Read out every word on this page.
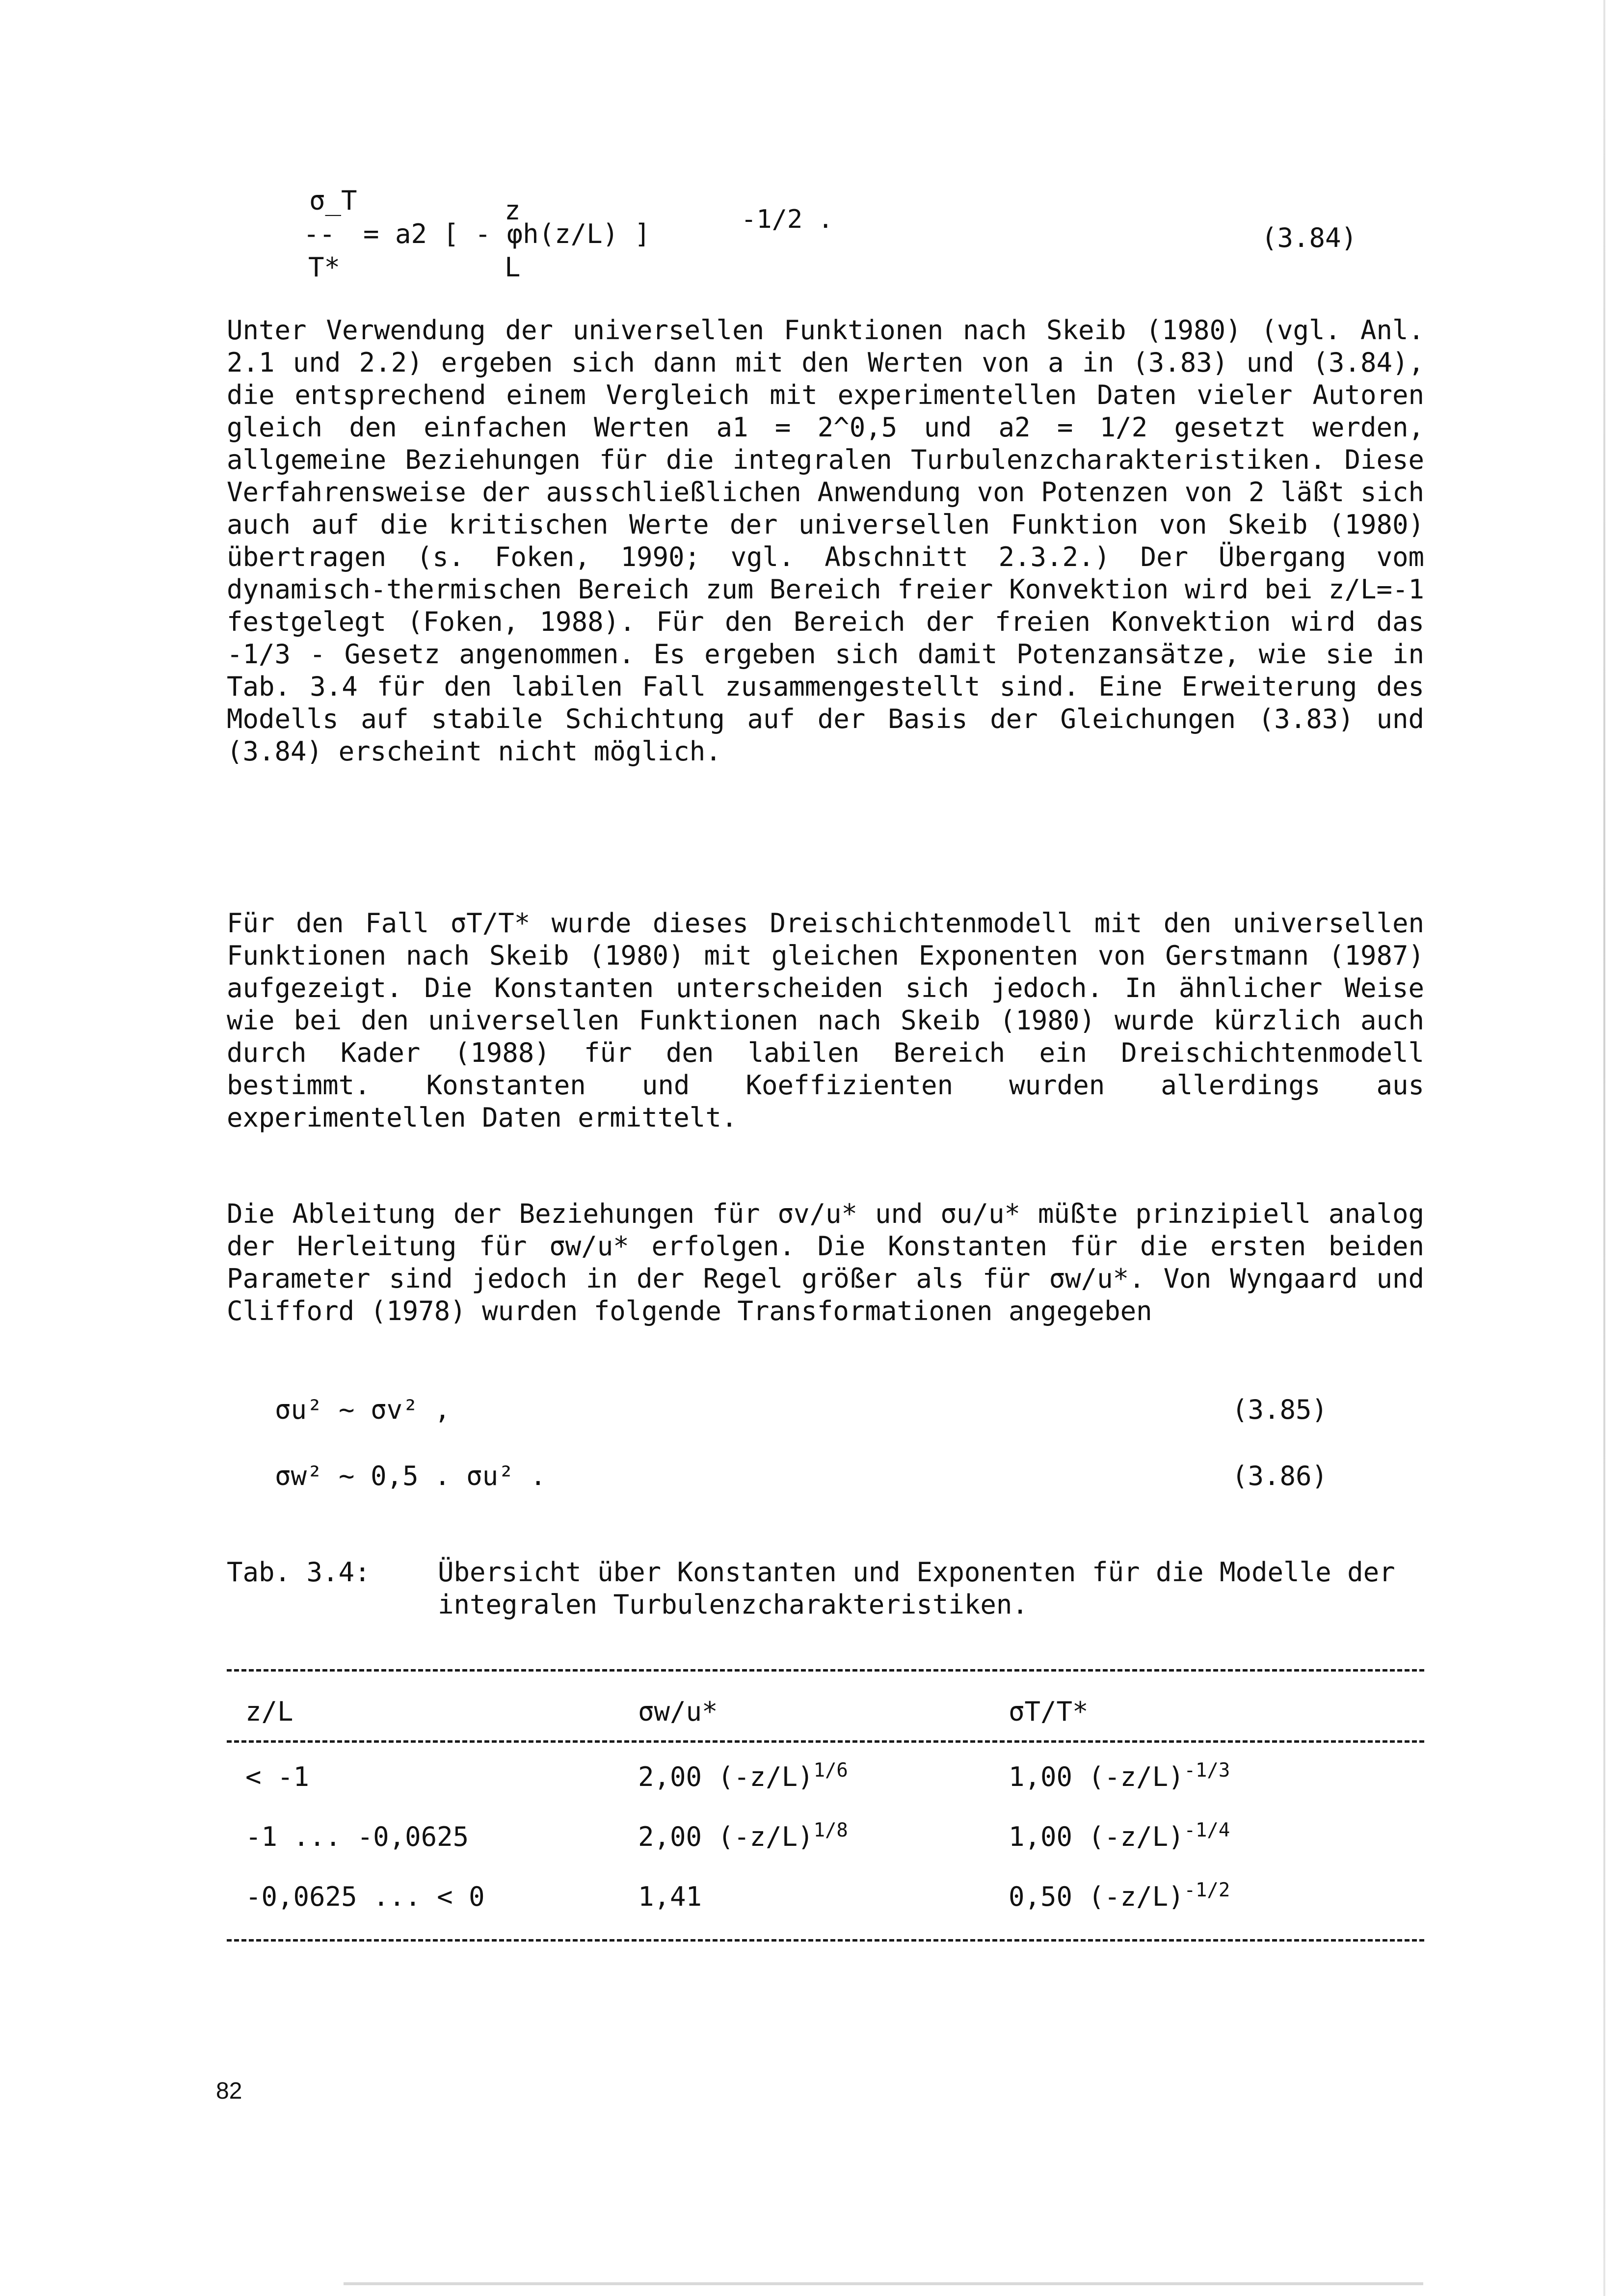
σ_T
--
T*
z
= a2 [ - φh(z/L) ]
L
-1/2 .
(3.84)

Unter Verwendung der universellen Funktionen nach Skeib (1980) (vgl. Anl. 2.1 und 2.2) ergeben sich dann mit den Werten von a in (3.83) und (3.84), die entsprechend einem Vergleich mit experimentellen Daten vieler Autoren gleich den einfachen Werten a1 = 2^0,5 und a2 = 1/2 gesetzt werden, allgemeine Beziehungen für die integralen Turbulenzcharakteristiken. Diese Verfahrensweise der ausschließlichen Anwendung von Potenzen von 2 läßt sich auch auf die kritischen Werte der universellen Funktion von Skeib (1980) übertragen (s. Foken, 1990; vgl. Abschnitt 2.3.2.) Der Übergang vom dynamisch-thermischen Bereich zum Bereich freier Konvektion wird bei z/L=-1 festgelegt (Foken, 1988). Für den Bereich der freien Konvektion wird das -1/3 - Gesetz angenommen. Es ergeben sich damit Potenzansätze, wie sie in Tab. 3.4 für den labilen Fall zusammengestellt sind. Eine Erweiterung des Modells auf stabile Schichtung auf der Basis der Gleichungen (3.83) und (3.84) erscheint nicht möglich.

Für den Fall σT/T* wurde dieses Dreischichtenmodell mit den universellen Funktionen nach Skeib (1980) mit gleichen Exponenten von Gerstmann (1987) aufgezeigt. Die Konstanten unterscheiden sich jedoch. In ähnlicher Weise wie bei den universellen Funktionen nach Skeib (1980) wurde kürzlich auch durch Kader (1988) für den labilen Bereich ein Dreischichtenmodell bestimmt. Konstanten und Koeffizienten wurden allerdings aus experimentellen Daten ermittelt.

Die Ableitung der Beziehungen für σv/u* und σu/u* müßte prinzipiell analog der Herleitung für σw/u* erfolgen. Die Konstanten für die ersten beiden Parameter sind jedoch in der Regel größer als für σw/u*. Von Wyngaard und Clifford (1978) wurden folgende Transformationen angegeben

σu² ~ σv² ,	(3.85)
σw² ~ 0,5 . σu² .	(3.86)
Tab. 3.4:	Übersicht über Konstanten und Exponenten für die Modelle der integralen Turbulenzcharakteristiken.

z/L	σw/u*	σT/T*
< -1	2,00 $(-z/L)^{1/6}$	1,00 $(-z/L)^{-1/3}$
-1 ... -0,0625	2,00 $(-z/L)^{1/8}$	1,00 $(-z/L)^{-1/4}$
-0,0625 ... < 0	1,41	0,50 $(-z/L)^{-1/2}$
82
